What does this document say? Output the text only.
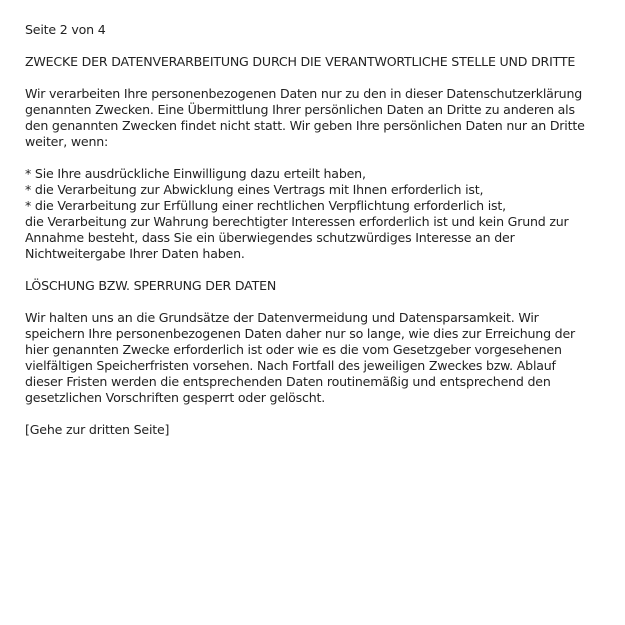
Seite 2 von 4
ZWECKE DER DATENVERARBEITUNG DURCH DIE VERANTWORTLICHE STELLE UND DRITTE
Wir verarbeiten Ihre personenbezogenen Daten nur zu den in dieser Datenschutzerklärung
genannten Zwecken. Eine Übermittlung Ihrer persönlichen Daten an Dritte zu anderen als
den genannten Zwecken findet nicht statt. Wir geben Ihre persönlichen Daten nur an Dritte
weiter, wenn:
* Sie Ihre ausdrückliche Einwilligung dazu erteilt haben,
* die Verarbeitung zur Abwicklung eines Vertrags mit Ihnen erforderlich ist,
* die Verarbeitung zur Erfüllung einer rechtlichen Verpflichtung erforderlich ist,
die Verarbeitung zur Wahrung berechtigter Interessen erforderlich ist und kein Grund zur
Annahme besteht, dass Sie ein überwiegendes schutzwürdiges Interesse an der
Nichtweitergabe Ihrer Daten haben.
LÖSCHUNG BZW. SPERRUNG DER DATEN
Wir halten uns an die Grundsätze der Datenvermeidung und Datensparsamkeit. Wir
speichern Ihre personenbezogenen Daten daher nur so lange, wie dies zur Erreichung der
hier genannten Zwecke erforderlich ist oder wie es die vom Gesetzgeber vorgesehenen
vielfältigen Speicherfristen vorsehen. Nach Fortfall des jeweiligen Zweckes bzw. Ablauf
dieser Fristen werden die entsprechenden Daten routinemäßig und entsprechend den
gesetzlichen Vorschriften gesperrt oder gelöscht.
[Gehe zur dritten Seite]
